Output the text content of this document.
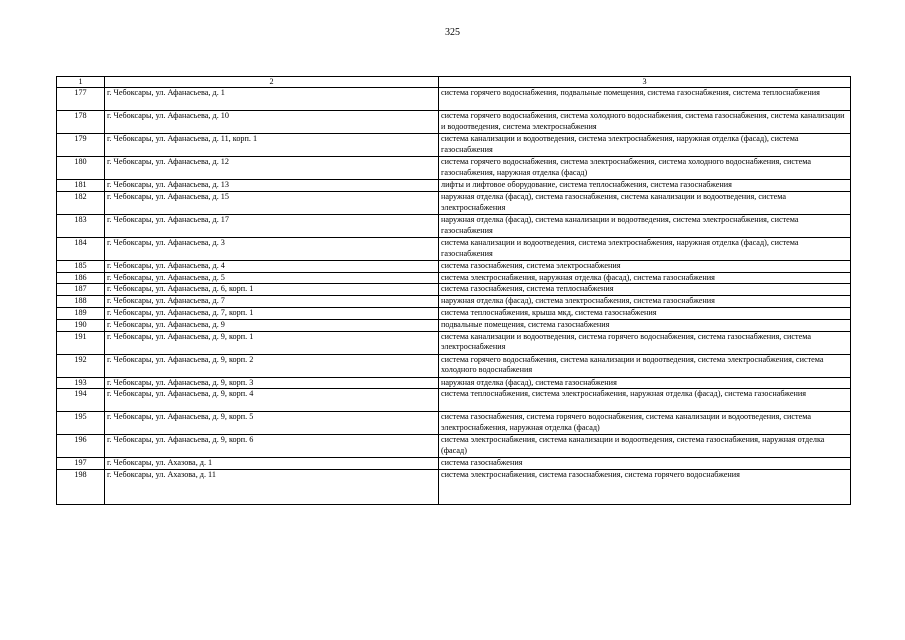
325
1	2	3
177	г. Чебоксары, ул. Афанасьева, д. 1	система горячего водоснабжения, подвальные помещения, система газоснабжения, система теплоснабжения
178	г. Чебоксары, ул. Афанасьева, д. 10	система горячего водоснабжения, система холодного водоснабжения, система газоснабжения, система канализации и водоотведения, система электроснабжения
179	г. Чебоксары, ул. Афанасьева, д. 11, корп. 1	система канализации и водоотведения, система электроснабжения, наружная отделка (фасад), система газоснабжения
180	г. Чебоксары, ул. Афанасьева, д. 12	система горячего водоснабжения, система электроснабжения, система холодного водоснабжения, система газоснабжения, наружная отделка (фасад)
181	г. Чебоксары, ул. Афанасьева, д. 13	лифты и лифтовое оборудование, система теплоснабжения, система газоснабжения
182	г. Чебоксары, ул. Афанасьева, д. 15	наружная отделка (фасад), система газоснабжения, система канализации и водоотведения, система электроснабжения
183	г. Чебоксары, ул. Афанасьева, д. 17	наружная отделка (фасад), система канализации и водоотведения, система электроснабжения, система газоснабжения
184	г. Чебоксары, ул. Афанасьева, д. 3	система канализации и водоотведения, система электроснабжения, наружная отделка (фасад), система газоснабжения
185	г. Чебоксары, ул. Афанасьева, д. 4	система газоснабжения, система электроснабжения
186	г. Чебоксары, ул. Афанасьева, д. 5	система электроснабжения, наружная отделка (фасад), система газоснабжения
187	г. Чебоксары, ул. Афанасьева, д. 6, корп. 1	система газоснабжения, система теплоснабжения
188	г. Чебоксары, ул. Афанасьева, д. 7	наружная отделка (фасад), система электроснабжения, система газоснабжения
189	г. Чебоксары, ул. Афанасьева, д. 7, корп. 1	система теплоснабжения, крыша мкд, система газоснабжения
190	г. Чебоксары, ул. Афанасьева, д. 9	подвальные помещения, система газоснабжения
191	г. Чебоксары, ул. Афанасьева, д. 9, корп. 1	система канализации и водоотведения, система горячего водоснабжения, система газоснабжения, система электроснабжения
192	г. Чебоксары, ул. Афанасьева, д. 9, корп. 2	система горячего водоснабжения, система канализации и водоотведения, система электроснабжения, система холодного водоснабжения
193	г. Чебоксары, ул. Афанасьева, д. 9, корп. 3	наружная отделка (фасад), система газоснабжения
194	г. Чебоксары, ул. Афанасьева, д. 9, корп. 4	система теплоснабжения, система электроснабжения, наружная отделка (фасад), система газоснабжения
195	г. Чебоксары, ул. Афанасьева, д. 9, корп. 5	система газоснабжения, система горячего водоснабжения, система канализации и водоотведения, система электроснабжения, наружная отделка (фасад)
196	г. Чебоксары, ул. Афанасьева, д. 9, корп. 6	система электроснабжения, система канализации и водоотведения, система газоснабжения, наружная отделка (фасад)
197	г. Чебоксары, ул. Ахазова, д. 1	система газоснабжения
198	г. Чебоксары, ул. Ахазова, д. 11	система электроснабжения, система газоснабжения, система горячего водоснабжения
